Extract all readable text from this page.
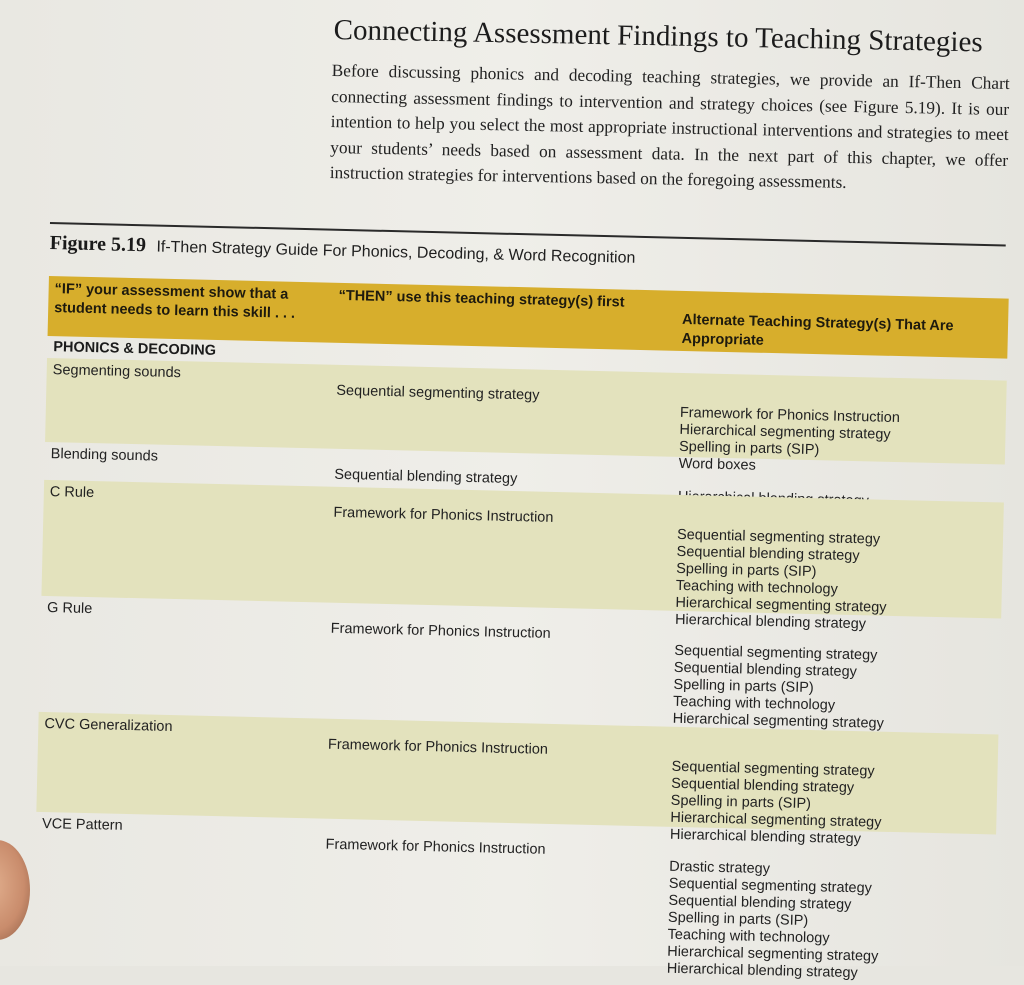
Connecting Assessment Findings to Teaching Strategies

Before discussing phonics and decoding teaching strategies, we provide an If-Then Chart connecting assessment findings to intervention and strategy choices (see Figure 5.19). It is our intention to help you select the most appropriate instructional interventions and strategies to meet your students’ needs based on assessment data. In the next part of this chapter, we offer instruction strategies for interventions based on the foregoing assessments.

Figure 5.19 If-Then Strategy Guide For Phonics, Decoding, & Word Recognition
“IF” your assessment show that a student needs to learn this skill . . .
“THEN” use this teaching strategy(s) first
Alternate Teaching Strategy(s) That Are Appropriate
PHONICS & DECODING
Segmenting sounds
Sequential segmenting strategy
Framework for Phonics Instruction
Hierarchical segmenting strategy
Spelling in parts (SIP)
Word boxes
Blending sounds
Sequential blending strategy
C Rule
Framework for Phonics Instruction
Sequential segmenting strategy
Sequential blending strategy
Spelling in parts (SIP)
Teaching with technology
Hierarchical segmenting strategy
Hierarchical blending strategy
G Rule
Framework for Phonics Instruction
Sequential segmenting strategy
Sequential blending strategy
Spelling in parts (SIP)
Teaching with technology
Hierarchical segmenting strategy
CVC Generalization
Framework for Phonics Instruction
Sequential segmenting strategy
Sequential blending strategy
Spelling in parts (SIP)
Hierarchical segmenting strategy
Hierarchical blending strategy
VCE Pattern
Framework for Phonics Instruction
Drastic strategy
Sequential segmenting strategy
Sequential blending strategy
Spelling in parts (SIP)
Teaching with technology
Hierarchical segmenting strategy
Hierarchical blending strategy
